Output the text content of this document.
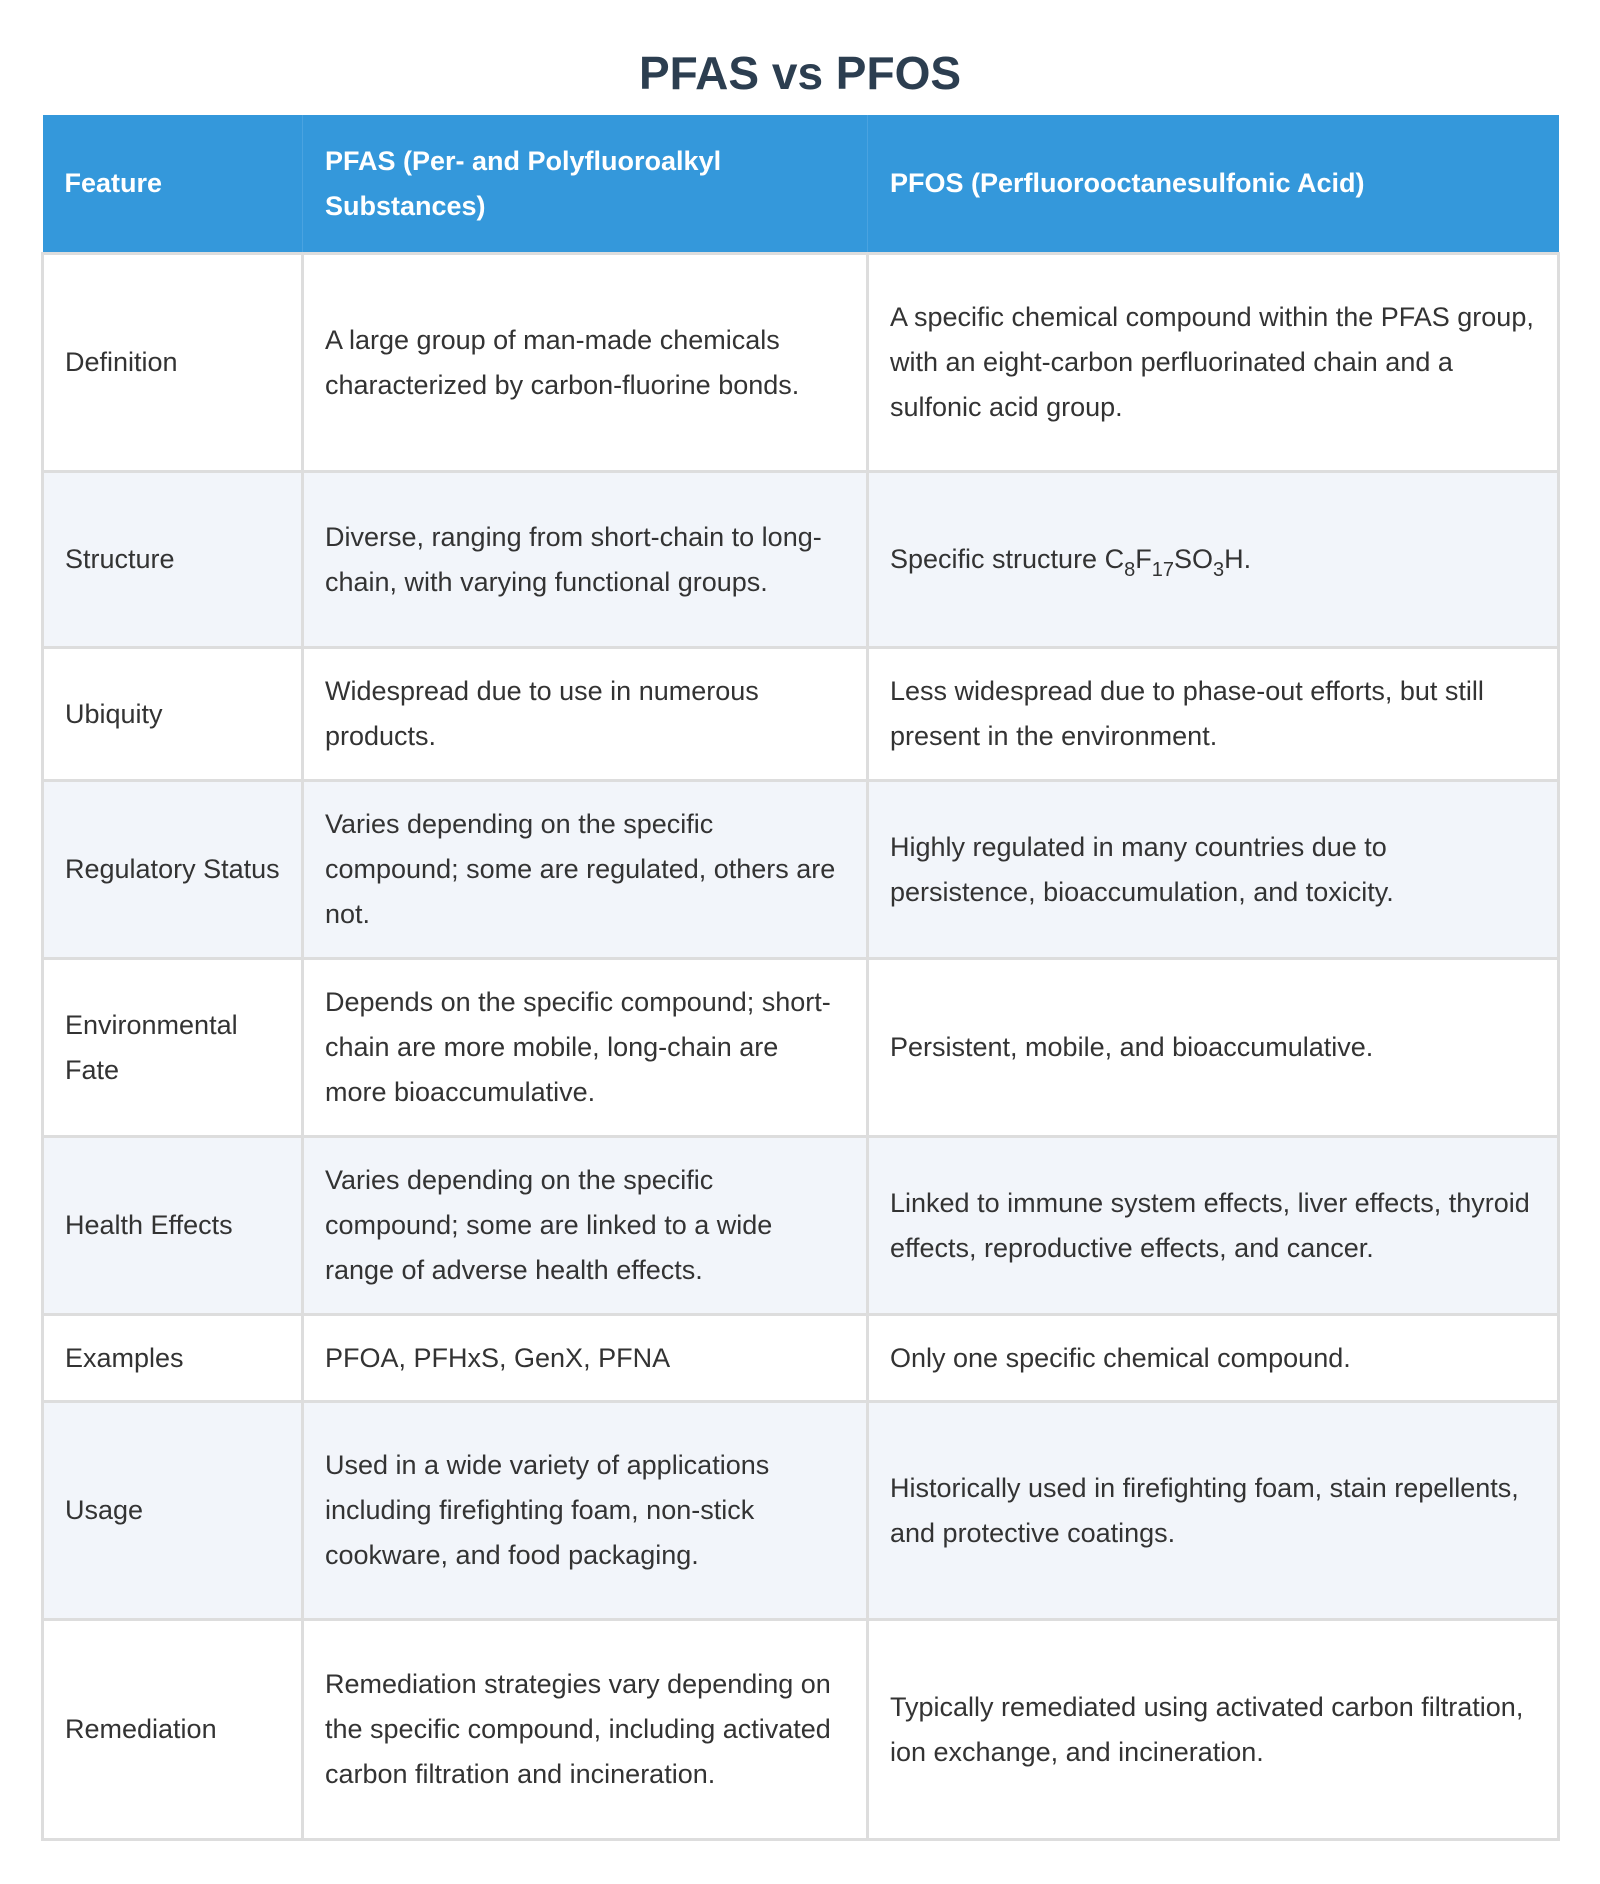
PFAS vs PFOS
Feature	PFAS (Per- and Polyfluoroalkyl Substances)	PFOS (Perfluorooctanesulfonic Acid)
Definition	A large group of man-made chemicals characterized by carbon-fluorine bonds.	A specific chemical compound within the PFAS group, with an eight-carbon perfluorinated chain and a sulfonic acid group.
Structure	Diverse, ranging from short-chain to long-chain, with varying functional groups.	Specific structure $C_8F_{17}SO_3H$.
Ubiquity	Widespread due to use in numerous products.	Less widespread due to phase-out efforts, but still present in the environment.
Regulatory Status	Varies depending on the specific compound; some are regulated, others are not.	Highly regulated in many countries due to persistence, bioaccumulation, and toxicity.
Environmental Fate	Depends on the specific compound; short-chain are more mobile, long-chain are more bioaccumulative.	Persistent, mobile, and bioaccumulative.
Health Effects	Varies depending on the specific compound; some are linked to a wide range of adverse health effects.	Linked to immune system effects, liver effects, thyroid effects, reproductive effects, and cancer.
Examples	PFOA, PFHxS, GenX, PFNA	Only one specific chemical compound.
Usage	Used in a wide variety of applications including firefighting foam, non-stick cookware, and food packaging.	Historically used in firefighting foam, stain repellents, and protective coatings.
Remediation	Remediation strategies vary depending on the specific compound, including activated carbon filtration and incineration.	Typically remediated using activated carbon filtration, ion exchange, and incineration.
